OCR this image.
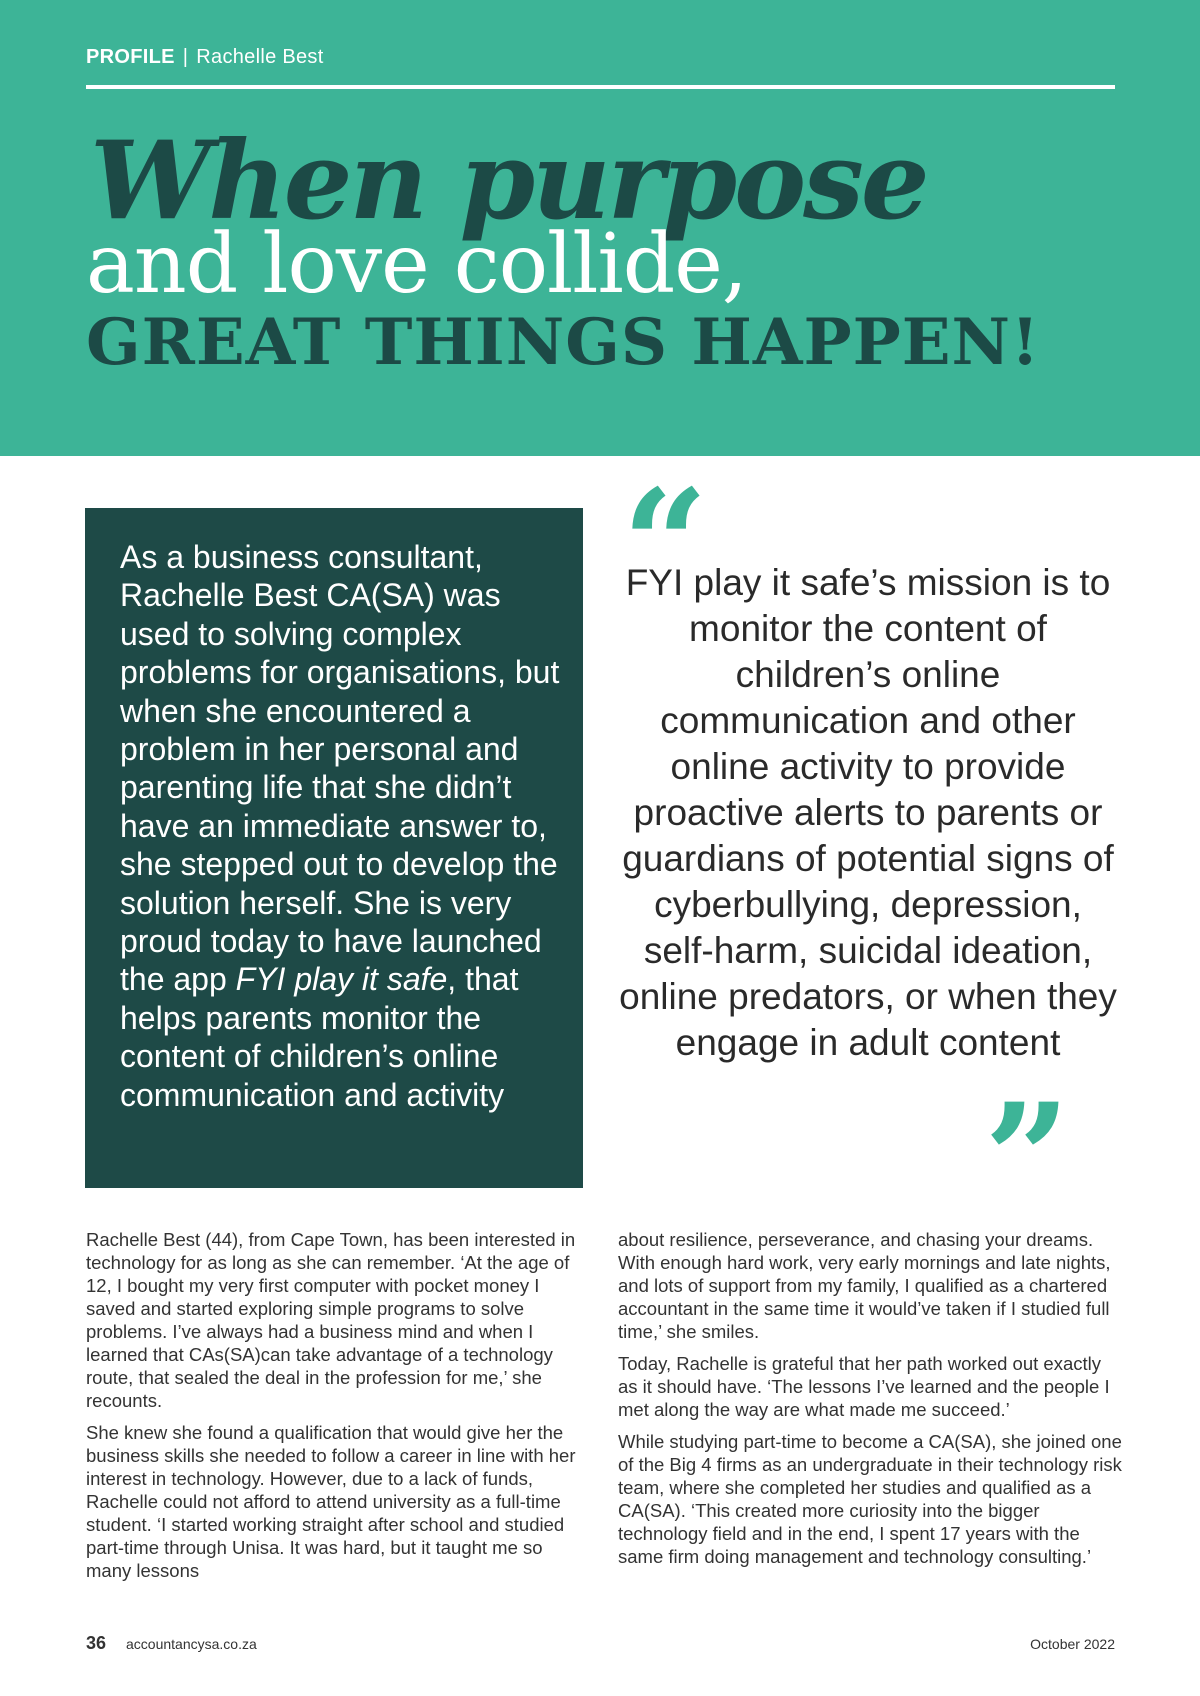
PROFILE | Rachelle Best
When purpose
and love collide,
GREAT THINGS HAPPEN!

As a business consultant, Rachelle Best CA(SA) was used to solving complex problems for organisations, but when she encountered a problem in her personal and parenting life that she didn’t have an immediate answer to, she stepped out to develop the solution herself. She is very proud today to have launched the app FYI play it safe, that helps parents monitor the content of children’s online communication and activity

“

FYI play it safe’s mission is to monitor the content of children’s online communication and other online activity to provide proactive alerts to parents or guardians of potential signs of cyberbullying, depression, self-harm, suicidal ideation, online predators, or when they engage in adult content

”

Rachelle Best (44), from Cape Town, has been interested in technology for as long as she can remember. ‘At the age of 12, I bought my very first computer with pocket money I saved and started exploring simple programs to solve problems. I’ve always had a business mind and when I learned that CAs(SA)can take advantage of a technology route, that sealed the deal in the profession for me,’ she recounts.

She knew she found a qualification that would give her the business skills she needed to follow a career in line with her interest in technology. However, due to a lack of funds, Rachelle could not afford to attend university as a full-time student. ‘I started working straight after school and studied part-time through Unisa. It was hard, but it taught me so many lessons

about resilience, perseverance, and chasing your dreams. With enough hard work, very early mornings and late nights, and lots of support from my family, I qualified as a chartered accountant in the same time it would’ve taken if I studied full time,’ she smiles.

Today, Rachelle is grateful that her path worked out exactly as it should have. ‘The lessons I’ve learned and the people I met along the way are what made me succeed.’

While studying part-time to become a CA(SA), she joined one of the Big 4 firms as an undergraduate in their technology risk team, where she completed her studies and qualified as a CA(SA). ‘This created more curiosity into the bigger technology field and in the end, I spent 17 years with the same firm doing management and technology consulting.’

36 accountancysa.co.za	October 2022
